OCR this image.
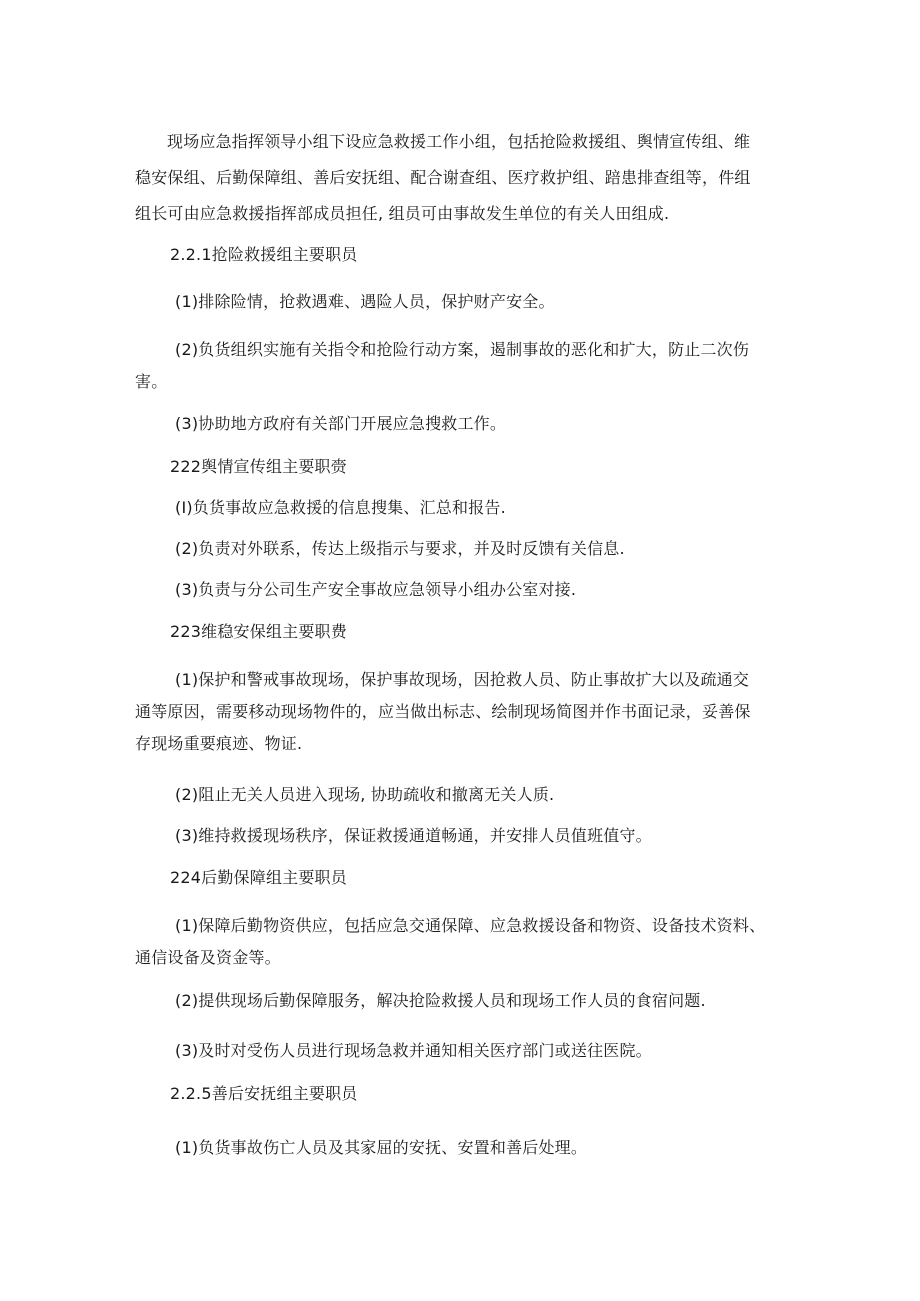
现场应急指挥领导小组下设应急救援工作小组，包括抢险救援组、舆情宣传组、维
稳安保组、后勤保障组、善后安抚组、配合谢查组、医疗救护组、踣患排查组等，件组
组长可由应急救援指挥部成员担任, 组员可由事故发生单位的有关人田组成.

2.2.1抢险救援组主要职员

(1)排除险情，抢救遇难、遇险人员，保护财产安全。

(2)负货组织实施有关指令和抢险行动方案，遏制事故的恶化和扩大，防止二次伤
害。

(3)协助地方政府有关部门开展应急搜救工作。

222舆情宣传组主要职赍

(I)负货事故应急救援的信息搜集、汇总和报告.

(2)负责对外联系，传达上级指示与要求，并及时反馈有关信息.

(3)负责与分公司生产安全事故应急领导小组办公室对接.

223维稳安保组主要职费

(1)保护和警戒事故现场，保护事故现场，因抢救人员、防止事故扩大以及疏通交
通等原因，需要移动现场物件的，应当做出标志、绘制现场简图并作书面记录，妥善保
存现场重要痕迹、物证.

(2)阻止无关人员进入现场, 协助疏收和撤离无关人质.

(3)维持救援现场秩序，保证救援通道畅通，并安排人员值班值守。

224后勤保障组主要职员

(1)保障后勤物资供应，包括应急交通保障、应急救援设备和物资、设备技术资料、
通信设备及资金等。

(2)提供现场后勤保障服务，解决抢险救援人员和现场工作人员的食宿问题.

(3)及时对受伤人员进行现场急救并通知相关医疗部门或送往医院。

2.2.5善后安抚组主要职员

(1)负货事故伤亡人员及其家屈的安抚、安置和善后处理。
